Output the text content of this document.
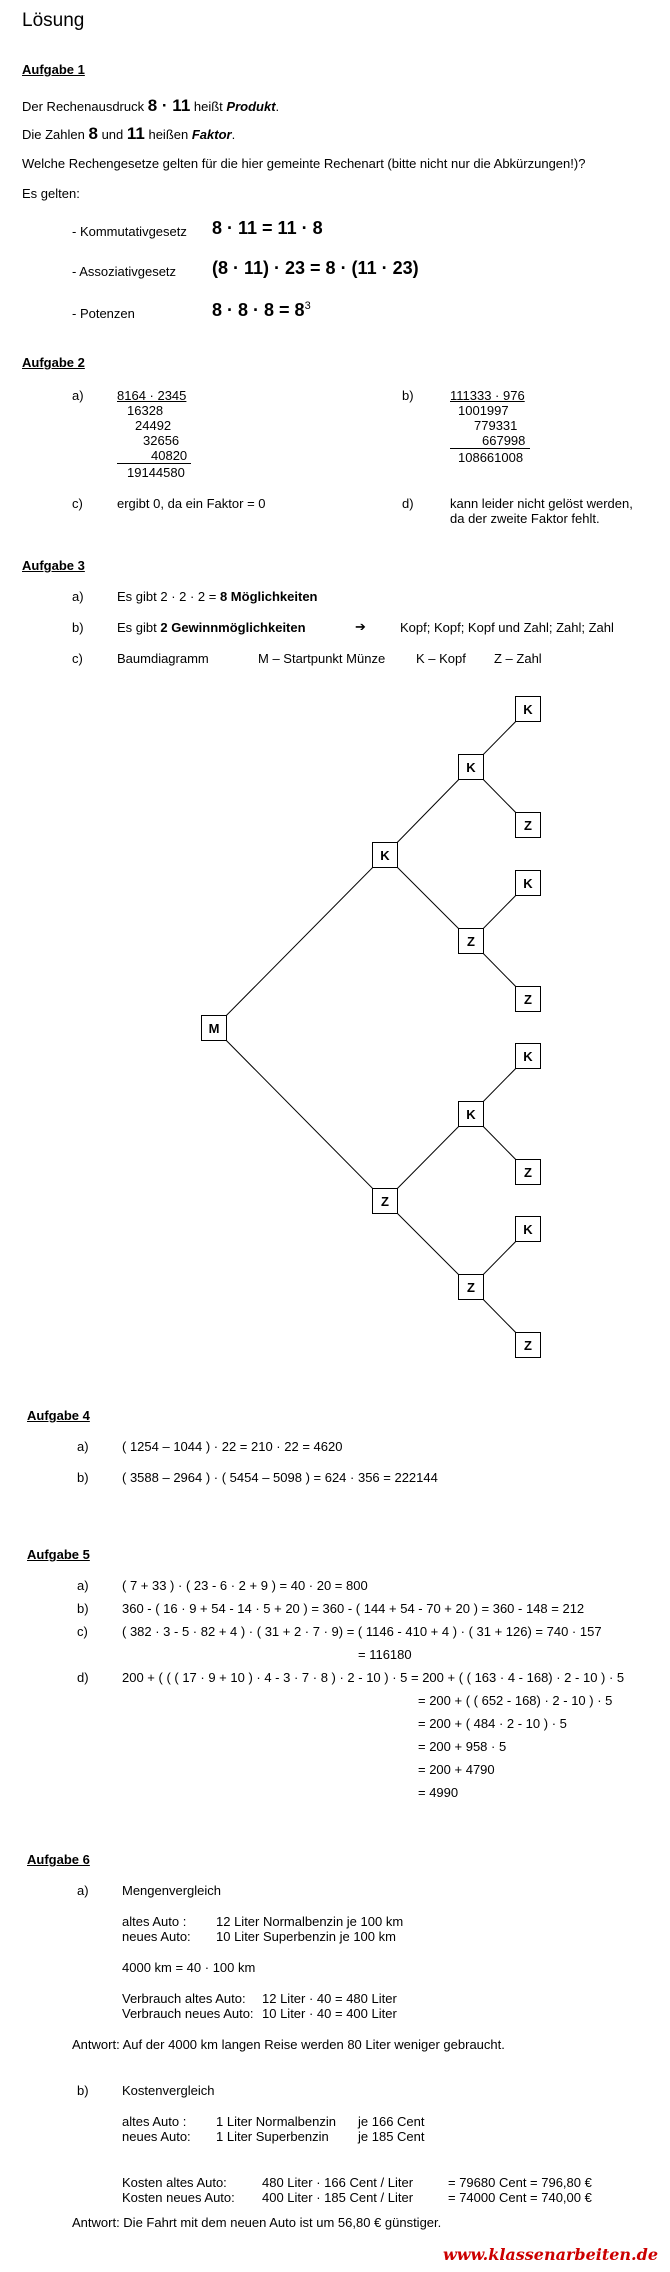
Lösung
Aufgabe 1
Der Rechenausdruck 8 · 11 heißt Produkt.
Die Zahlen 8 und 11 heißen Faktor.
Welche Rechengesetze gelten für die hier gemeinte Rechenart (bitte nicht nur die Abkürzungen!)?
Es gelten:
- Kommutativgesetz 8 · 11 = 11 · 8
- Assoziativgesetz (8 · 11) · 23 = 8 · (11 · 23)
- Potenzen	$8 \cdot 8 \cdot 8 = 8^3$
Aufgabe 2
a)	8164 · 2345
16328
24492
32656
40820
19144580
b)	111333 · 976
1001997
779331
667998
108661008
c)	ergibt 0, da ein Faktor = 0	d)	kann leider nicht gelöst werden,
da der zweite Faktor fehlt.
Aufgabe 3
a)	Es gibt 2 · 2 · 2 = 8 Möglichkeiten
b)	Es gibt 2 Gewinnmöglichkeiten	➔	Kopf; Kopf; Kopf und Zahl; Zahl; Zahl
c)	Baumdiagramm	M – Startpunkt Münze K – Kopf Z – Zahl
M
K
Z
K
Z
K
Z
K
Z
K
Z
K
Z
K
Z
Aufgabe 4
a)	( 1254 – 1044 ) · 22 = 210 · 22 = 4620
b)	( 3588 – 2964 ) · ( 5454 – 5098 ) = 624 · 356 = 222144
Aufgabe 5
a)	( 7 + 33 ) · ( 23 - 6 · 2 + 9 ) = 40 · 20 = 800
b)	360 - ( 16 · 9 + 54 - 14 · 5 + 20 ) = 360 - ( 144 + 54 - 70 + 20 ) = 360 - 148 = 212
c)	( 382 · 3 - 5 · 82 + 4 ) · ( 31 + 2 · 7 · 9) = ( 1146 - 410 + 4 ) · ( 31 + 126) = 740 · 157
= 116180
d)	200 + ( ( ( 17 · 9 + 10 ) · 4 - 3 · 7 · 8 ) · 2 - 10 ) · 5 = 200 + ( ( 163 · 4 - 168) · 2 - 10 ) · 5
= 200 + ( ( 652 - 168) · 2 - 10 ) · 5
= 200 + ( 484 · 2 - 10 ) · 5
= 200 + 958 · 5
= 200 + 4790
= 4990
Aufgabe 6
a)	Mengenvergleich
altes Auto : 12 Liter Normalbenzin je 100 km
neues Auto: 10 Liter Superbenzin je 100 km
4000 km = 40 · 100 km
Verbrauch altes Auto: 12 Liter · 40 = 480 Liter
Verbrauch neues Auto: 10 Liter · 40 = 400 Liter
Antwort: Auf der 4000 km langen Reise werden 80 Liter weniger gebraucht.
b)	Kostenvergleich
altes Auto : 1 Liter Normalbenzin je 166 Cent
neues Auto: 1 Liter Superbenzin je 185 Cent
Kosten altes Auto:	480 Liter · 166 Cent / Liter	= 79680 Cent = 796,80 €
Kosten neues Auto: 400 Liter · 185 Cent / Liter	= 74000 Cent = 740,00 €
Antwort: Die Fahrt mit dem neuen Auto ist um 56,80 € günstiger.
www.klassenarbeiten.de
